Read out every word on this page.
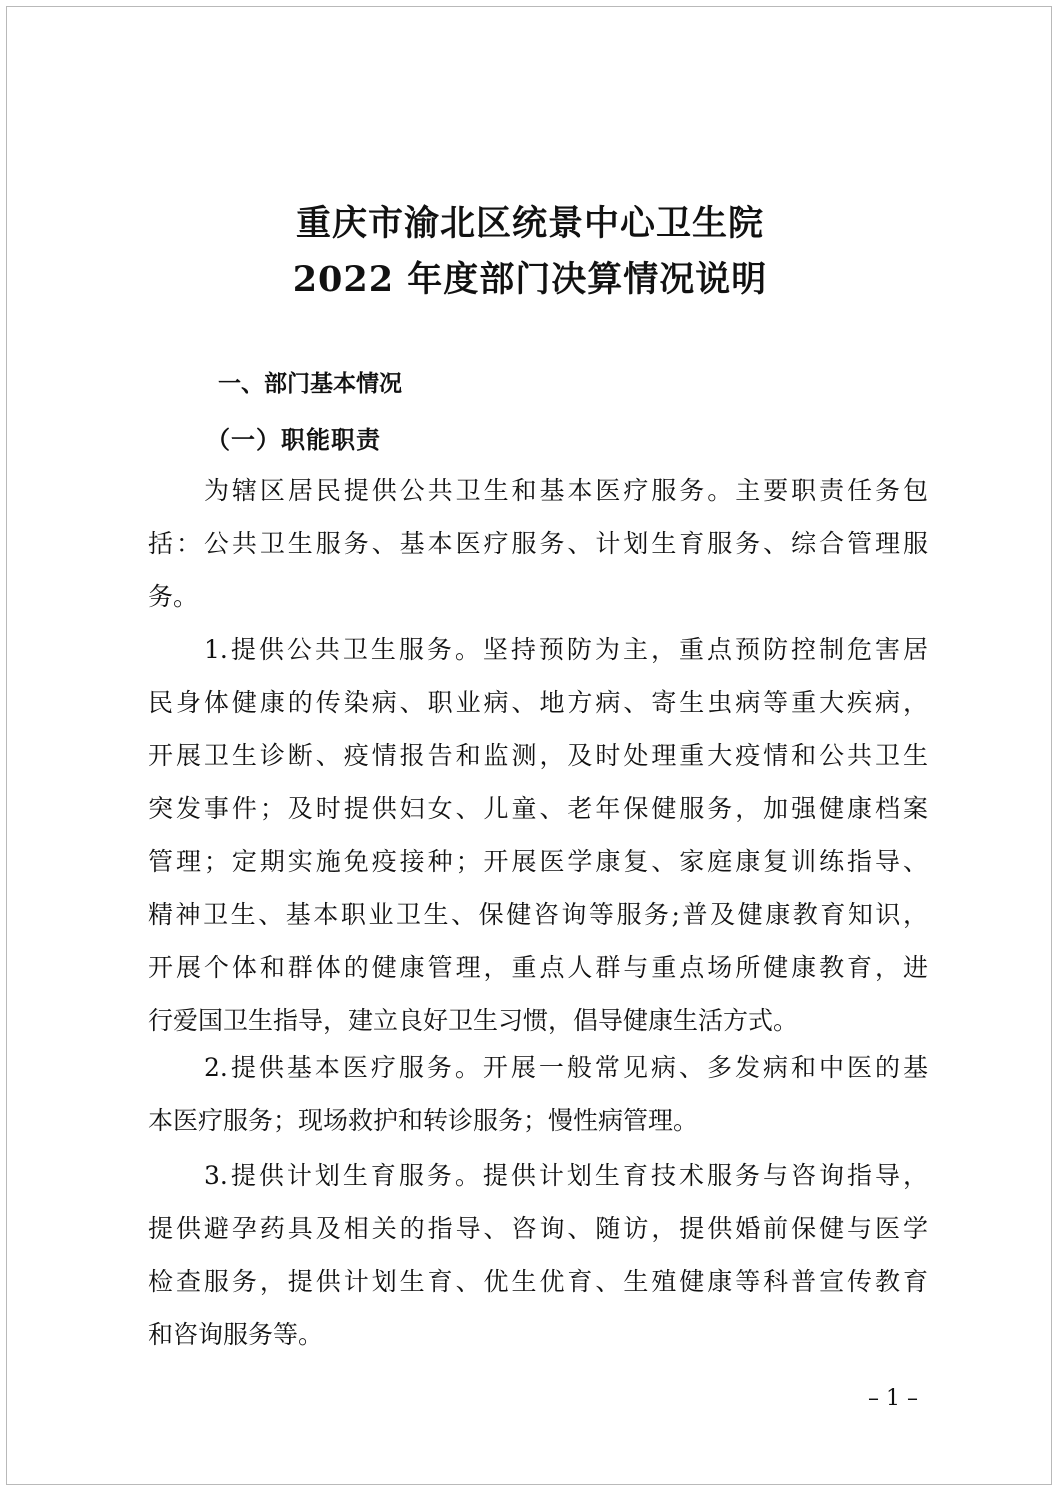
重庆市渝北区统景中心卫生院
2022 年度部门决算情况说明
一、部门基本情况
（一）职能职责
为辖区居民提供公共卫生和基本医疗服务。主要职责任务包
括：公共卫生服务、基本医疗服务、计划生育服务、综合管理服
务。
1.提供公共卫生服务。坚持预防为主，重点预防控制危害居
民身体健康的传染病、职业病、地方病、寄生虫病等重大疾病，
开展卫生诊断、疫情报告和监测，及时处理重大疫情和公共卫生
突发事件；及时提供妇女、儿童、老年保健服务，加强健康档案
管理；定期实施免疫接种；开展医学康复、家庭康复训练指导、
精神卫生、基本职业卫生、保健咨询等服务;普及健康教育知识，
开展个体和群体的健康管理，重点人群与重点场所健康教育，进
行爱国卫生指导，建立良好卫生习惯，倡导健康生活方式。
2.提供基本医疗服务。开展一般常见病、多发病和中医的基
本医疗服务；现场救护和转诊服务；慢性病管理。
3.提供计划生育服务。提供计划生育技术服务与咨询指导，
提供避孕药具及相关的指导、咨询、随访，提供婚前保健与医学
检查服务，提供计划生育、优生优育、生殖健康等科普宣传教育
和咨询服务等。
– 1 –
